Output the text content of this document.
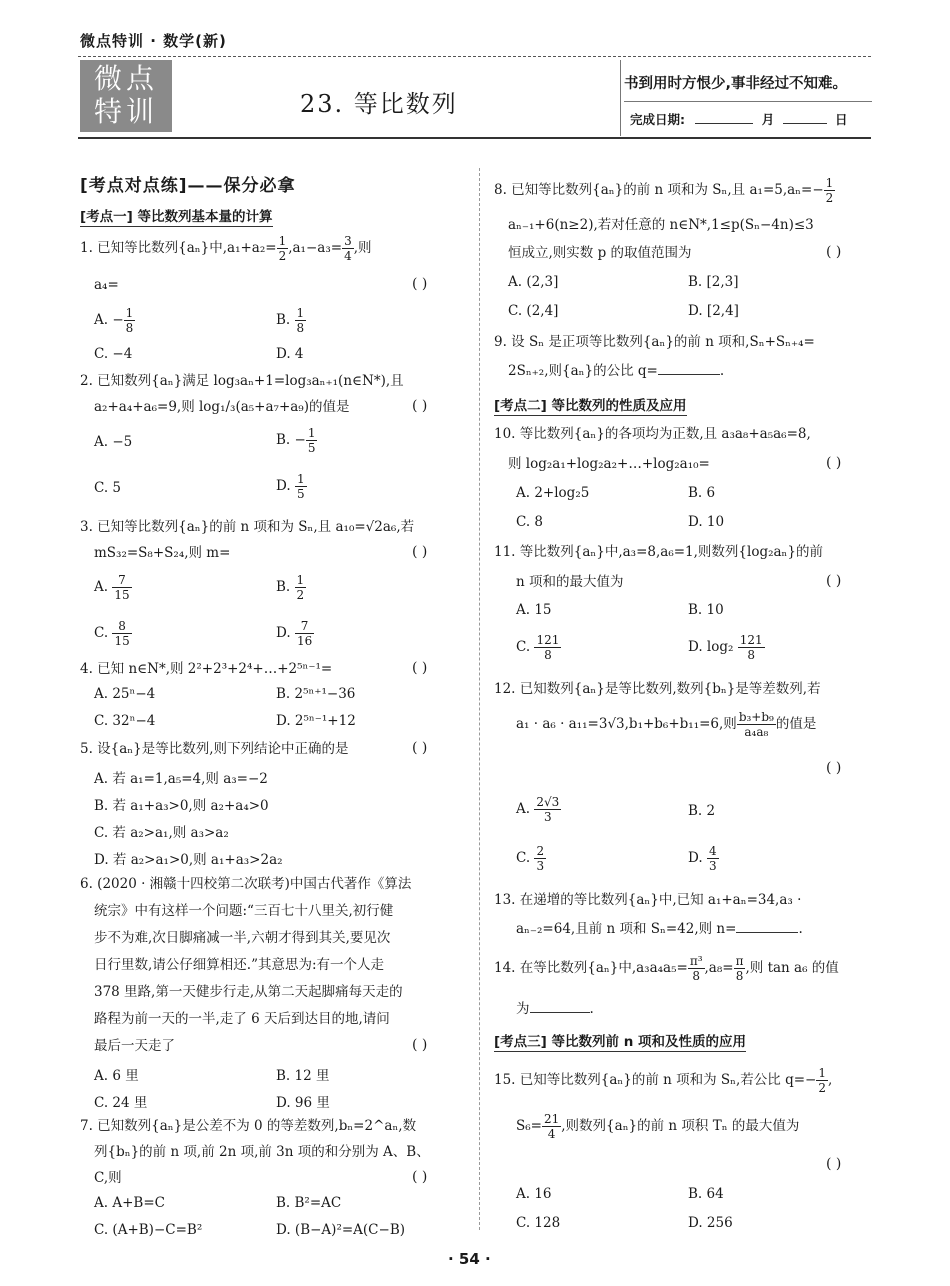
微点特训 · 数学(新)
微点
特训	23. 等比数列
书到用时方恨少,事非经过不知难。
完成日期:	月	日
[考点对点练]——保分必拿
[考点一] 等比数列基本量的计算
1. 已知等比数列{aₙ}中$,a_1+a_2= \frac{1}{2} ,a_1-a_3= \frac{3}{4}$ ,则
a₄=	( )
A. − $\frac{1}{8}$	B. $\frac{1}{8}$
C. −4	D. 4
2. 已知数列{aₙ}满足 log₃aₙ+1=log₃aₙ₊₁(n∈N*),且
a₂+a₄+a₆=9,则 log₁/₃(a₅+a₇+a₉)的值是	( )
A. −5	B. − $\frac{1}{5}$
C. 5	D. $\frac{1}{5}$
3. 已知等比数列{aₙ}的前 n 项和为 Sₙ,且 a₁₀=√2a₆,若
mS₃₂=S₈+S₂₄,则 m=	( )
A. $\frac{7}{15}$	B. $\frac{1}{2}$
C. $\frac{8}{15}$	D. $\frac{7}{16}$
4. 已知 n∈N*,则 2²+2³+2⁴+…+2⁵ⁿ⁻¹=	( )
A. 25ⁿ−4	B. 2⁵ⁿ⁺¹−36
C. 32ⁿ−4	D. 2⁵ⁿ⁻¹+12
5. 设{aₙ}是等比数列,则下列结论中正确的是	( )
A. 若 a₁=1,a₅=4,则 a₃=−2
B. 若 a₁+a₃>0,则 a₂+a₄>0
C. 若 a₂>a₁,则 a₃>a₂
D. 若 a₂>a₁>0,则 a₁+a₃>2a₂
6. (2020 · 湘赣十四校第二次联考)中国古代著作《算法
统宗》中有这样一个问题:“三百七十八里关,初行健
步不为难,次日脚痛减一半,六朝才得到其关,要见次
日行里数,请公仔细算相还.”其意思为:有一个人走
378 里路,第一天健步行走,从第二天起脚痛每天走的
路程为前一天的一半,走了 6 天后到达目的地,请问
最后一天走了	( )
A. 6 里	B. 12 里
C. 24 里	D. 96 里
7. 已知数列{aₙ}是公差不为 0 的等差数列,bₙ=2^aₙ,数
列{bₙ}的前 n 项,前 2n 项,前 3n 项的和分别为 A、B、
C,则	( )
A. A+B=C	B. B²=AC
C. (A+B)−C=B²	D. (B−A)²=A(C−B)
8. 已知等比数列{aₙ}的前 n 项和为 Sₙ,且 $a_1=5,a_n=- \frac{1}{2}$
aₙ₋₁+6(n≥2),若对任意的 n∈N*,1≤p(Sₙ−4n)≤3
恒成立,则实数 p 的取值范围为	( )
A. (2,3]	B. [2,3]
C. (2,4]	D. [2,4]
9. 设 Sₙ 是正项等比数列{aₙ}的前 n 项和,Sₙ+Sₙ₊₄=
2Sₙ₊₂,则{aₙ}的公比 q=	.
[考点二] 等比数列的性质及应用
10. 等比数列{aₙ}的各项均为正数,且 a₃a₈+a₅a₆=8,
则 log₂a₁+log₂a₂+…+log₂a₁₀=	( )
A. 2+log₂5	B. 6
C. 8	D. 10
11. 等比数列{aₙ}中,a₃=8,a₆=1,则数列{log₂aₙ}的前
n 项和的最大值为	( )
A. 15	B. 10
C. $\frac{121}{8}$	D. $\log_2 \frac{121}{8}$
12. 已知数列{aₙ}是等比数列,数列{bₙ}是等差数列,若
a₁ · a₆ · a₁₁=3√3,b₁+b₆+b₁₁=6,则 $\frac{\text{b₃+b₉}}{\text{a₄a₈}}$ 的值是
( )
A. $\frac{2√3}{3}$	B. 2
C. $\frac{2}{3}$	D. $\frac{4}{3}$
13. 在递增的等比数列{aₙ}中,已知 a₁+aₙ=34,a₃ ·
aₙ₋₂=64,且前 n 项和 Sₙ=42,则 n=	.
14. 在等比数列{aₙ}中$,a_3a_4a_5= \frac{\text{π³}}{8} ,a_8= \frac{\pi}{8}$ ,则 tan a₆ 的值
为	.
[考点三] 等比数列前 n 项和及性质的应用
15. 已知等比数列{aₙ}的前 n 项和为 Sₙ,若公比 $q=- \frac{1}{2}$ ,
$S_6= \frac{21}{4}$ ,则数列{aₙ}的前 n 项积 Tₙ 的最大值为
( )
A. 16	B. 64
C. 128	D. 256
· 54 ·
